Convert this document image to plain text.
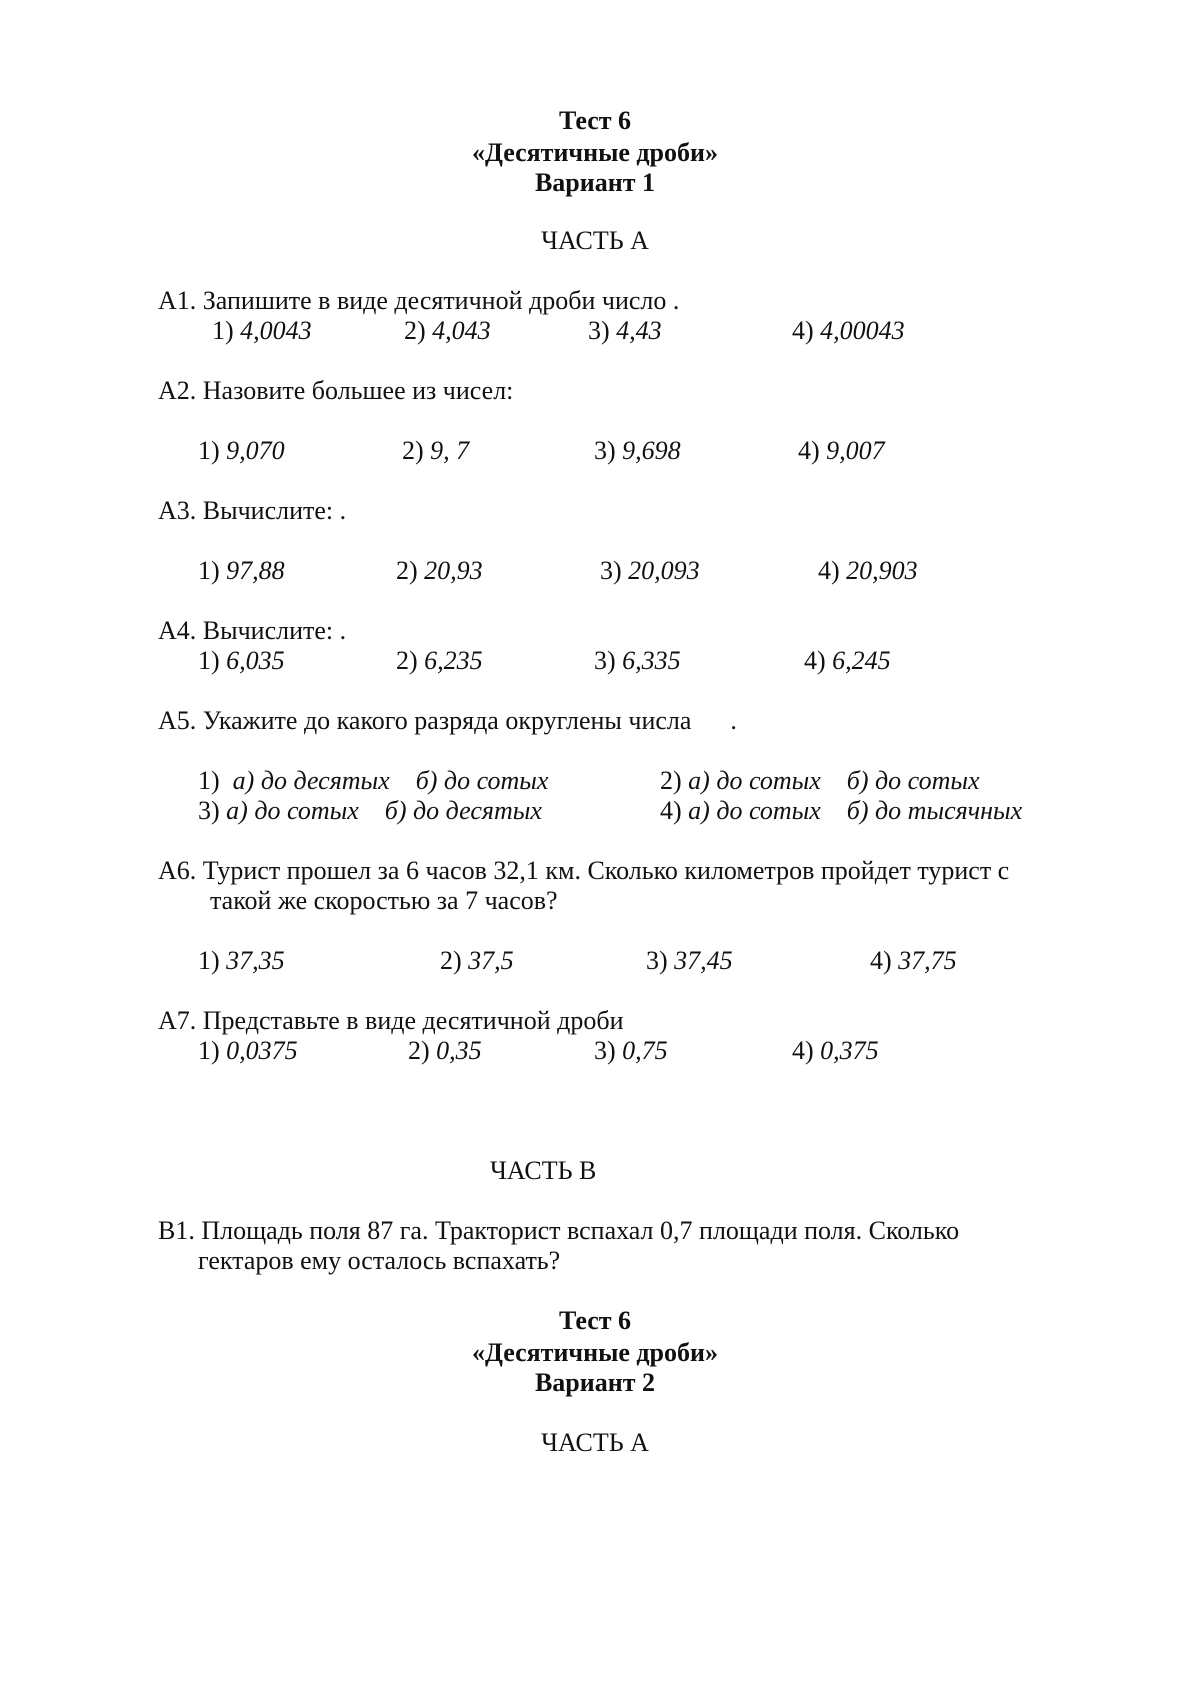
Тест 6
«Десятичные дроби»
Вариант 1
ЧАСТЬ А
А1. Запишите в виде десятичной дроби число .
1) 4,0043	2) 4,043	3) 4,43	4) 4,00043
А2. Назовите большее из чисел:
1) 9,070	2) 9, 7	3) 9,698	4) 9,007
А3. Вычислите: .
1) 97,88	2) 20,93	3) 20,093	4) 20,903
А4. Вычислите: .
1) 6,035	2) 6,235	3) 6,335	4) 6,245
А5. Укажите до какого разряда округлены числа      .
1) а) до десятых    б) до сотых	2) а) до сотых    б) до сотых
3) а) до сотых    б) до десятых	4) а) до сотых    б) до тысячных
А6. Турист прошел за 6 часов 32,1 км. Сколько километров пройдет турист с
такой же скоростью за 7 часов?
1) 37,35	2) 37,5	3) 37,45	4) 37,75
А7. Представьте в виде десятичной дроби
1) 0,0375	2) 0,35	3) 0,75	4) 0,375
ЧАСТЬ В
В1. Площадь поля 87 га. Тракторист вспахал 0,7 площади поля. Сколько
гектаров ему осталось вспахать?
Тест 6
«Десятичные дроби»
Вариант 2
ЧАСТЬ А
